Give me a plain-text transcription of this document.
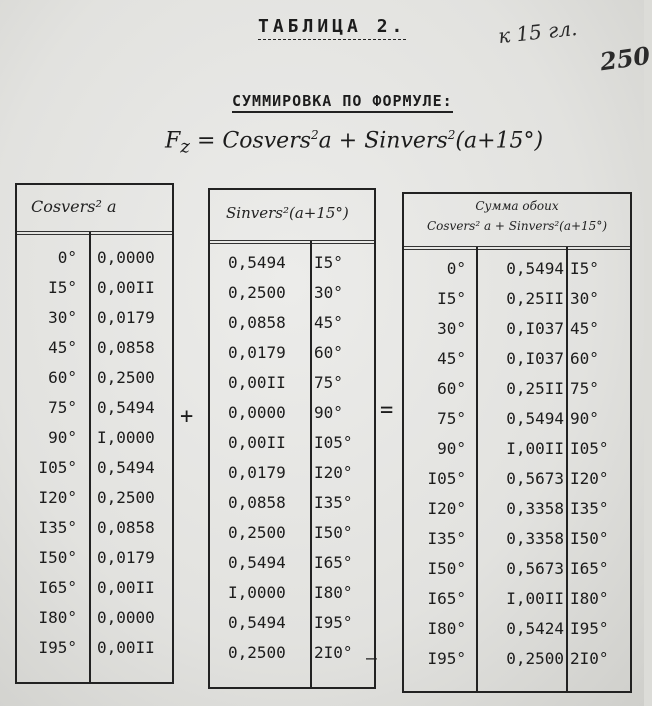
ТАБЛИЦА 2.	к 15 гл.
250
СУММИРОВКА ПО ФОРМУЛЕ:
$F_z$ = Cosvers$^2$a + Sinvers$^2$(a+15°)
Cosvers² a
0° 0,0000
I5° 0,00II
30° 0,0179
45° 0,0858
60° 0,2500
75° 0,5494
90° I,0000
I05° 0,5494
I20° 0,2500
I35° 0,0858
I50° 0,0179
I65° 0,00II
I80° 0,0000
I95° 0,00II
+
Sinvers²(a+15°)
0,5494	I5°
0,2500	30°
0,0858	45°
0,0179	60°
0,00II	75°
0,0000	90°
0,00II	I05°
0,0179	I20°
0,0858	I35°
0,2500	I50°
0,5494	I65°
I,0000	I80°
0,5494	I95°
0,2500	2I0°
=
–
Сумма обоих
Cosvers² a + Sinvers²(a+15°)
0°	0,5494 I5°
I5°	0,25II 30°
30°	0,I037 45°
45°	0,I037 60°
60°	0,25II 75°
75°	0,5494 90°
90°	I,00II I05°
I05°	0,5673 I20°
I20°	0,3358 I35°
I35°	0,3358 I50°
I50°	0,5673 I65°
I65°	I,00II I80°
I80°	0,5424 I95°
I95°	0,2500 2I0°
